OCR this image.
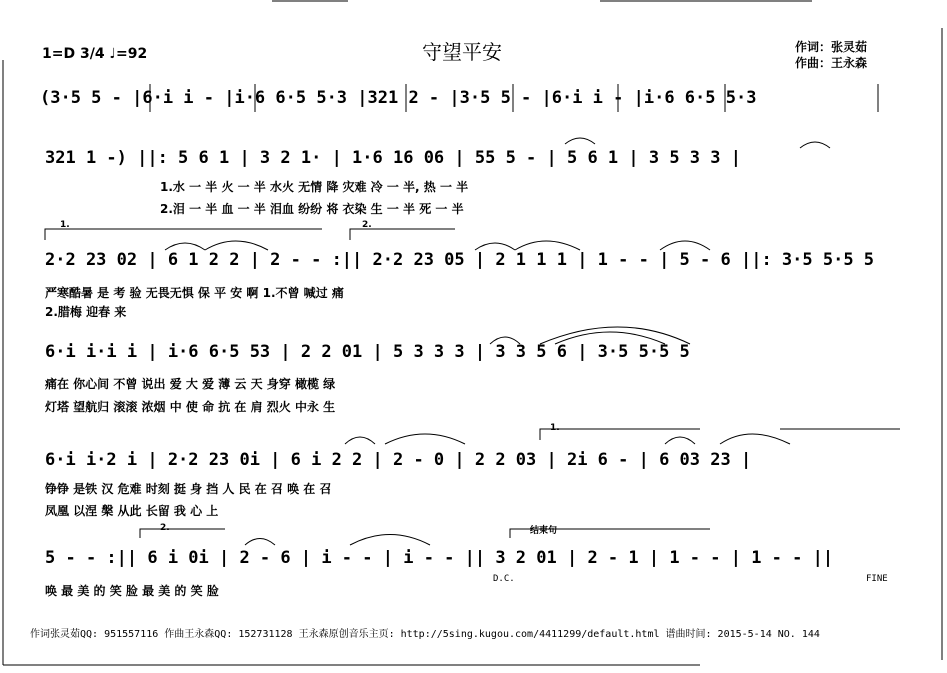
守望平安	作词：张灵茹
作曲：王永森
1=D 3/4 ♩=92
(3·5 5 - |6·i i - |i·6 6·5 5·3 |321 2 - |3·5 5 - |6·i i - |i·6 6·5 5·3
321 1 -) ||: 5 6 1 | 3 2 1· | 1·6 16 06 | 55 5 - | 5 6 1 | 3 5 3 3 |
1.水 一 半 火 一 半 水火 无情 降 灾难 冷 一 半, 热 一 半
2.泪 一 半 血 一 半 泪血 纷纷 将 衣染 生 一 半 死 一 半
1.	2.
2·2 23 02 | 6 1 2 2 | 2 - - :|| 2·2 23 05 | 2 1 1 1 | 1 - - | 5 - 6 ||: 3·5 5·5 5
严寒酷暑 是 考 验 无畏无惧 保 平 安 啊 1.不曾 喊过 痛
2.腊梅 迎春 来
6·i i·i i | i·6 6·5 53 | 2 2 01 | 5 3 3 3 | 3 3 5 6 | 3·5 5·5 5
痛在 你心间 不曾 说出 爱 大 爱 薄 云 天 身穿 橄榄 绿
灯塔 望航归 滚滚 浓烟 中 使 命 抗 在 肩 烈火 中永 生
1.
6·i i·2 i | 2·2 23 0i | 6 i 2 2 | 2 - 0 | 2 2 03 | 2i 6 - | 6 03 23 |
铮铮 是铁 汉 危难 时刻 挺 身 挡 人 民 在 召 唤 在 召
凤凰 以涅 槃 从此 长留 我 心 上
2.	结束句
5 - - :|| 6 i 0i | 2 - 6 | i - - | i - - || 3 2 01 | 2 - 1 | 1 - - | 1 - - ||
唤 最 美 的 笑 脸 最 美 的 笑 脸
D.C.	FINE
作词张灵茹QQ: 951557116 作曲王永森QQ: 152731128 王永森原创音乐主页: http://5sing.kugou.com/4411299/default.html 谱曲时间: 2015-5-14 NO. 144
